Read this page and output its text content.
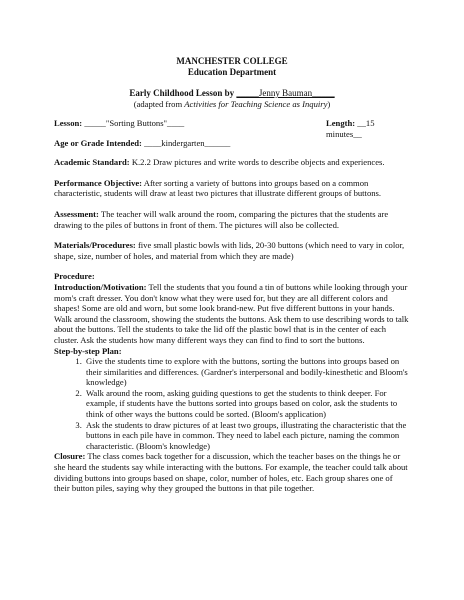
MANCHESTER COLLEGE
Education Department
Early Childhood Lesson by _____Jenny Bauman_____
(adapted from Activities for Teaching Science as Inquiry)
Lesson: _____"Sorting Buttons"____	Length: __15 minutes__
Age or Grade Intended: ____kindergarten______
Academic Standard: K.2.2 Draw pictures and write words to describe objects and experiences.
Performance Objective: After sorting a variety of buttons into groups based on a common characteristic, students will draw at least two pictures that illustrate different groups of buttons.
Assessment: The teacher will walk around the room, comparing the pictures that the students are drawing to the piles of buttons in front of them. The pictures will also be collected.
Materials/Procedures: five small plastic bowls with lids, 20-30 buttons (which need to vary in color, shape, size, number of holes, and material from which they are made)
Procedure:
Introduction/Motivation: Tell the students that you found a tin of buttons while looking through your mom's craft dresser. You don't know what they were used for, but they are all different colors and shapes! Some are old and worn, but some look brand-new. Put five different buttons in your hands. Walk around the classroom, showing the students the buttons. Ask them to use describing words to talk about the buttons. Tell the students to take the lid off the plastic bowl that is in the center of each cluster. Ask the students how many different ways they can find to find to sort the buttons.
Step-by-step Plan:
1. Give the students time to explore with the buttons, sorting the buttons into groups based on their similarities and differences. (Gardner's interpersonal and bodily-kinesthetic and Bloom's knowledge)
2. Walk around the room, asking guiding questions to get the students to think deeper. For example, if students have the buttons sorted into groups based on color, ask the students to think of other ways the buttons could be sorted. (Bloom's application)
3. Ask the students to draw pictures of at least two groups, illustrating the characteristic that the buttons in each pile have in common. They need to label each picture, naming the common characteristic. (Bloom's knowledge)
Closure: The class comes back together for a discussion, which the teacher bases on the things he or she heard the students say while interacting with the buttons. For example, the teacher could talk about dividing buttons into groups based on shape, color, number of holes, etc. Each group shares one of their button piles, saying why they grouped the buttons in that pile together.
